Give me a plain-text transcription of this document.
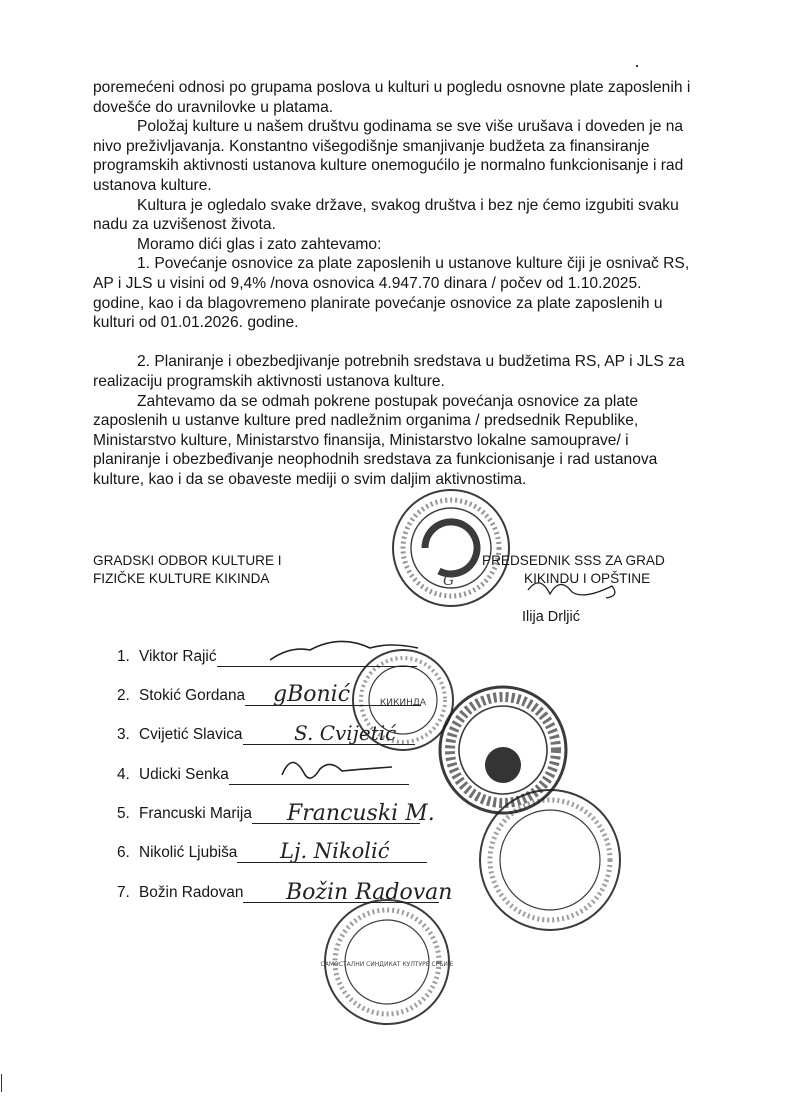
poremećeni odnosi po grupama poslova u kulturi u pogledu osnovne plate zaposlenih i dovešće do uravnilovke u platama.

Položaj kulture u našem društvu godinama se sve više urušava i doveden je na nivo preživljavanja. Konstantno višegodišnje smanjivanje budžeta za finansiranje programskih aktivnosti ustanova kulture onemogućilo je normalno funkcionisanje i rad ustanova kulture.

Kultura je ogledalo svake države, svakog društva i bez nje ćemo izgubiti svaku nadu za uzvišenost života.

Moramo dići glas i zato zahtevamo:

1. Povećanje osnovice za plate zaposlenih u ustanove kulture čiji je osnivač RS, AP i JLS u visini od 9,4% /nova osnovica 4.947.70 dinara / počev od 1.10.2025. godine, kao i da blagovremeno planirate povećanje osnovice za plate zaposlenih u kulturi od 01.01.2026. godine.

2. Planiranje i obezbedjivanje potrebnih sredstava u budžetima RS, AP i JLS za realizaciju programskih aktivnosti ustanova kulture.

Zahtevamo da se odmah pokrene postupak povećanja osnovice za plate zaposlenih u ustanve kulture pred nadležnim organima / predsednik Republike, Ministarstvo kulture, Ministarstvo finansija, Ministarstvo lokalne samouprave/ i planiranje i obezbeđivanje neophodnih sredstava za funkcionisanje i rad ustanova kulture, kao i da se obaveste mediji o svim daljim aktivnostima.

GRADSKI ODBOR KULTURE I
FIZIČKE KULTURE KIKINDA
PREDSEDNIK SSS ZA GRAD
KIKINDU I OPŠTINE
Ilija Drljić
1. Viktor Rajić
2. Stokić Gordana
3. Cvijetić Slavica
4. Udicki Senka
5. Francuski Marija
6. Nikolić Ljubiša
7. Božin Radovan
G
КИКИНДА
САМОСТАЛНИ СИНДИКАТ КУЛТУРЕ СРБИЈЕ
gBonić
S. Cvijetić
Francuski M.
Lj. Nikolić
Božin Radovan
